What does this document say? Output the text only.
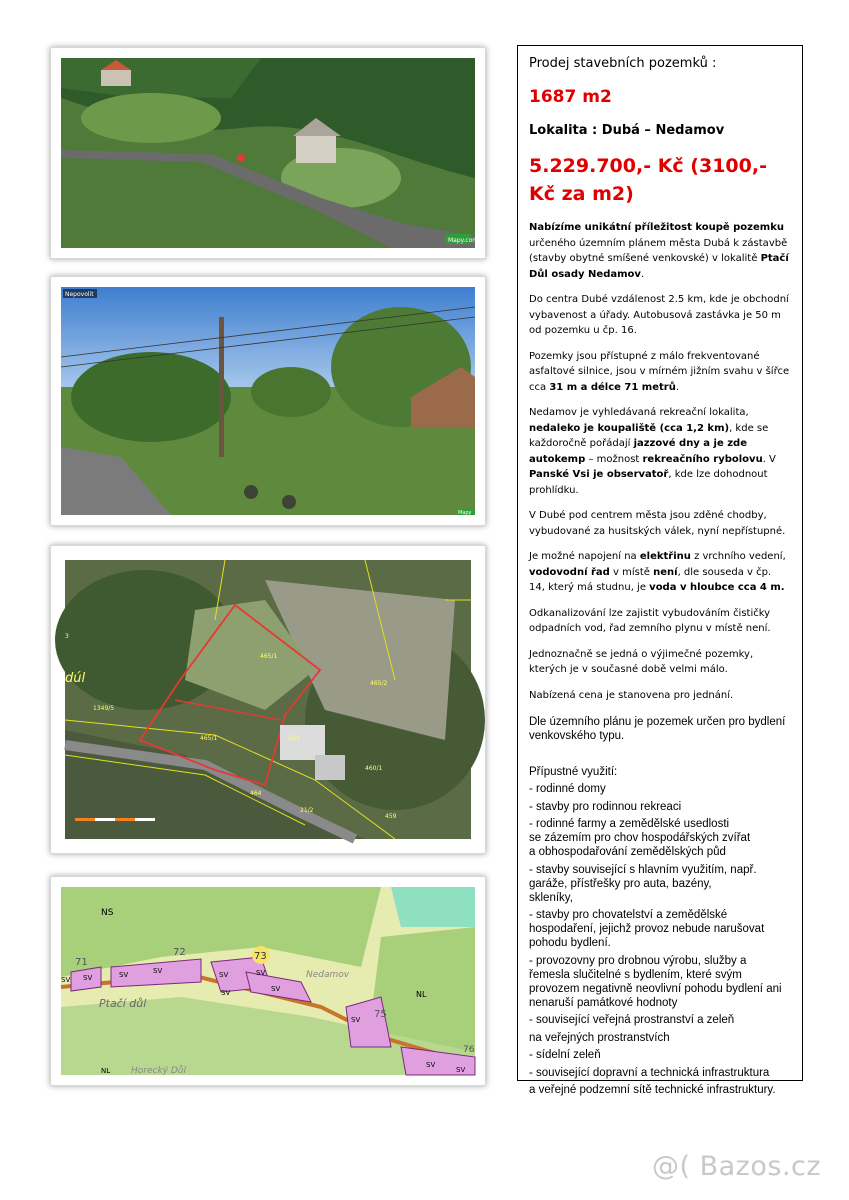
Mapy.com
Nepovolit
Mapy
465/1
465/1
465/2
1349/5
21/1
21/2
464
459
460/1
dúl
3
NS
71
72	73
SV SV	SV	SV	SV	SV
SV	SV
SV
SV
NL
75
76
NL
Ptačí důl
Horecký Důl
Nedamov
SV

Prodej stavebních pozemků :

1687 m2

Lokalita : Dubá – Nedamov

5.229.700,- Kč (3100,-
Kč za m2)

Nabízíme unikátní příležitost koupě pozemku určeného územním plánem města Dubá k zástavbě (stavby obytné smíšené venkovské) v lokalitě Ptačí Důl osady Nedamov.

Do centra Dubé vzdálenost 2.5 km, kde je obchodní vybavenost a úřady. Autobusová zastávka je 50 m od pozemku u čp. 16.

Pozemky jsou přístupné z málo frekventované asfaltové silnice, jsou v mírném jižním svahu v šířce cca 31 m a délce 71 metrů.

Nedamov je vyhledávaná rekreační lokalita, nedaleko je koupaliště (cca 1,2 km), kde se každoročně pořádají jazzové dny a je zde autokemp – možnost rekreačního rybolovu. V Panské Vsi je observatoř, kde lze dohodnout prohlídku.

V Dubé pod centrem města jsou zděné chodby, vybudované za husitských válek, nyní nepřístupné.

Je možné napojení na elektřinu z vrchního vedení, vodovodní řad v místě není, dle souseda v čp. 14, který má studnu, je voda v hloubce cca 4 m.

Odkanalizování lze zajistit vybudováním čističky odpadních vod, řad zemního plynu v místě není.

Jednoznačně se jedná o výjimečné pozemky, kterých je v současné době velmi málo.

Nabízená cena je stanovena pro jednání.

Dle územního plánu je pozemek určen pro bydlení venkovského typu.

Přípustné využití:

- rodinné domy
- stavby pro rodinnou rekreaci
- rodinné farmy a zemědělské usedlosti
se zázemím pro chov hospodářských zvířat
a obhospodařování zemědělských půd
- stavby související s hlavním využitím, např. garáže, přístřešky pro auta, bazény,
skleníky,
- stavby pro chovatelství a zemědělské hospodaření, jejichž provoz nebude narušovat pohodu bydlení.
- provozovny pro drobnou výrobu, služby a řemesla slučitelné s bydlením, které svým provozem negativně neovlivní pohodu bydlení ani nenaruší památkové hodnoty
- související veřejná prostranství a zeleň
na veřejných prostranstvích
- sídelní zeleň
- související dopravní a technická infrastruktura
a veřejné podzemní sítě technické infrastruktury.
@( Bazos.cz
